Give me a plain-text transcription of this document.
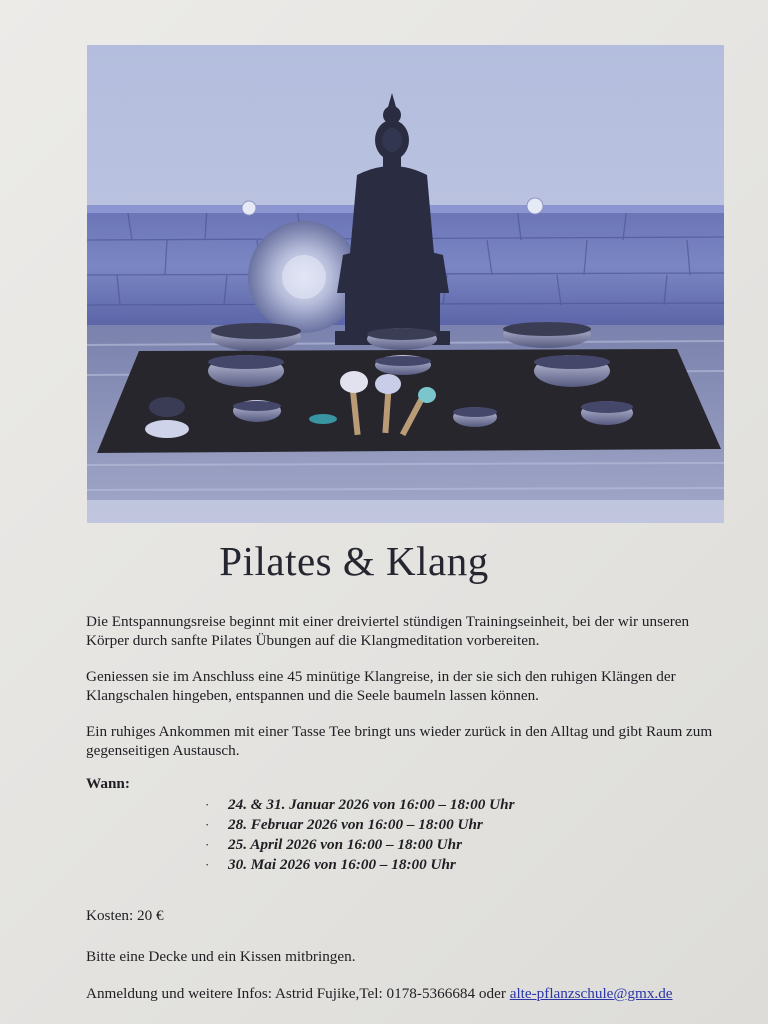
Pilates & Klang

Die Entspannungsreise beginnt mit einer dreiviertel stündigen Trainingseinheit, bei der wir unseren Körper durch sanfte Pilates Übungen auf die Klangmeditation vorbereiten.

Geniessen sie im Anschluss eine 45 minütige Klangreise, in der sie sich den ruhigen Klängen der Klangschalen hingeben, entspannen und die Seele baumeln lassen können.

Ein ruhiges Ankommen mit einer Tasse Tee bringt uns wieder zurück in den Alltag und gibt Raum zum gegenseitigen Austausch.

Wann:

·	24. & 31. Januar 2026 von 16:00 – 18:00 Uhr
·	28. Februar 2026 von 16:00 – 18:00 Uhr
·	25. April 2026 von 16:00 – 18:00 Uhr
·	30. Mai 2026 von 16:00 – 18:00 Uhr

Kosten: 20 €

Bitte eine Decke und ein Kissen mitbringen.

Anmeldung und weitere Infos: Astrid Fujike,Tel: 0178-5366684 oder alte-pflanzschule@gmx.de
